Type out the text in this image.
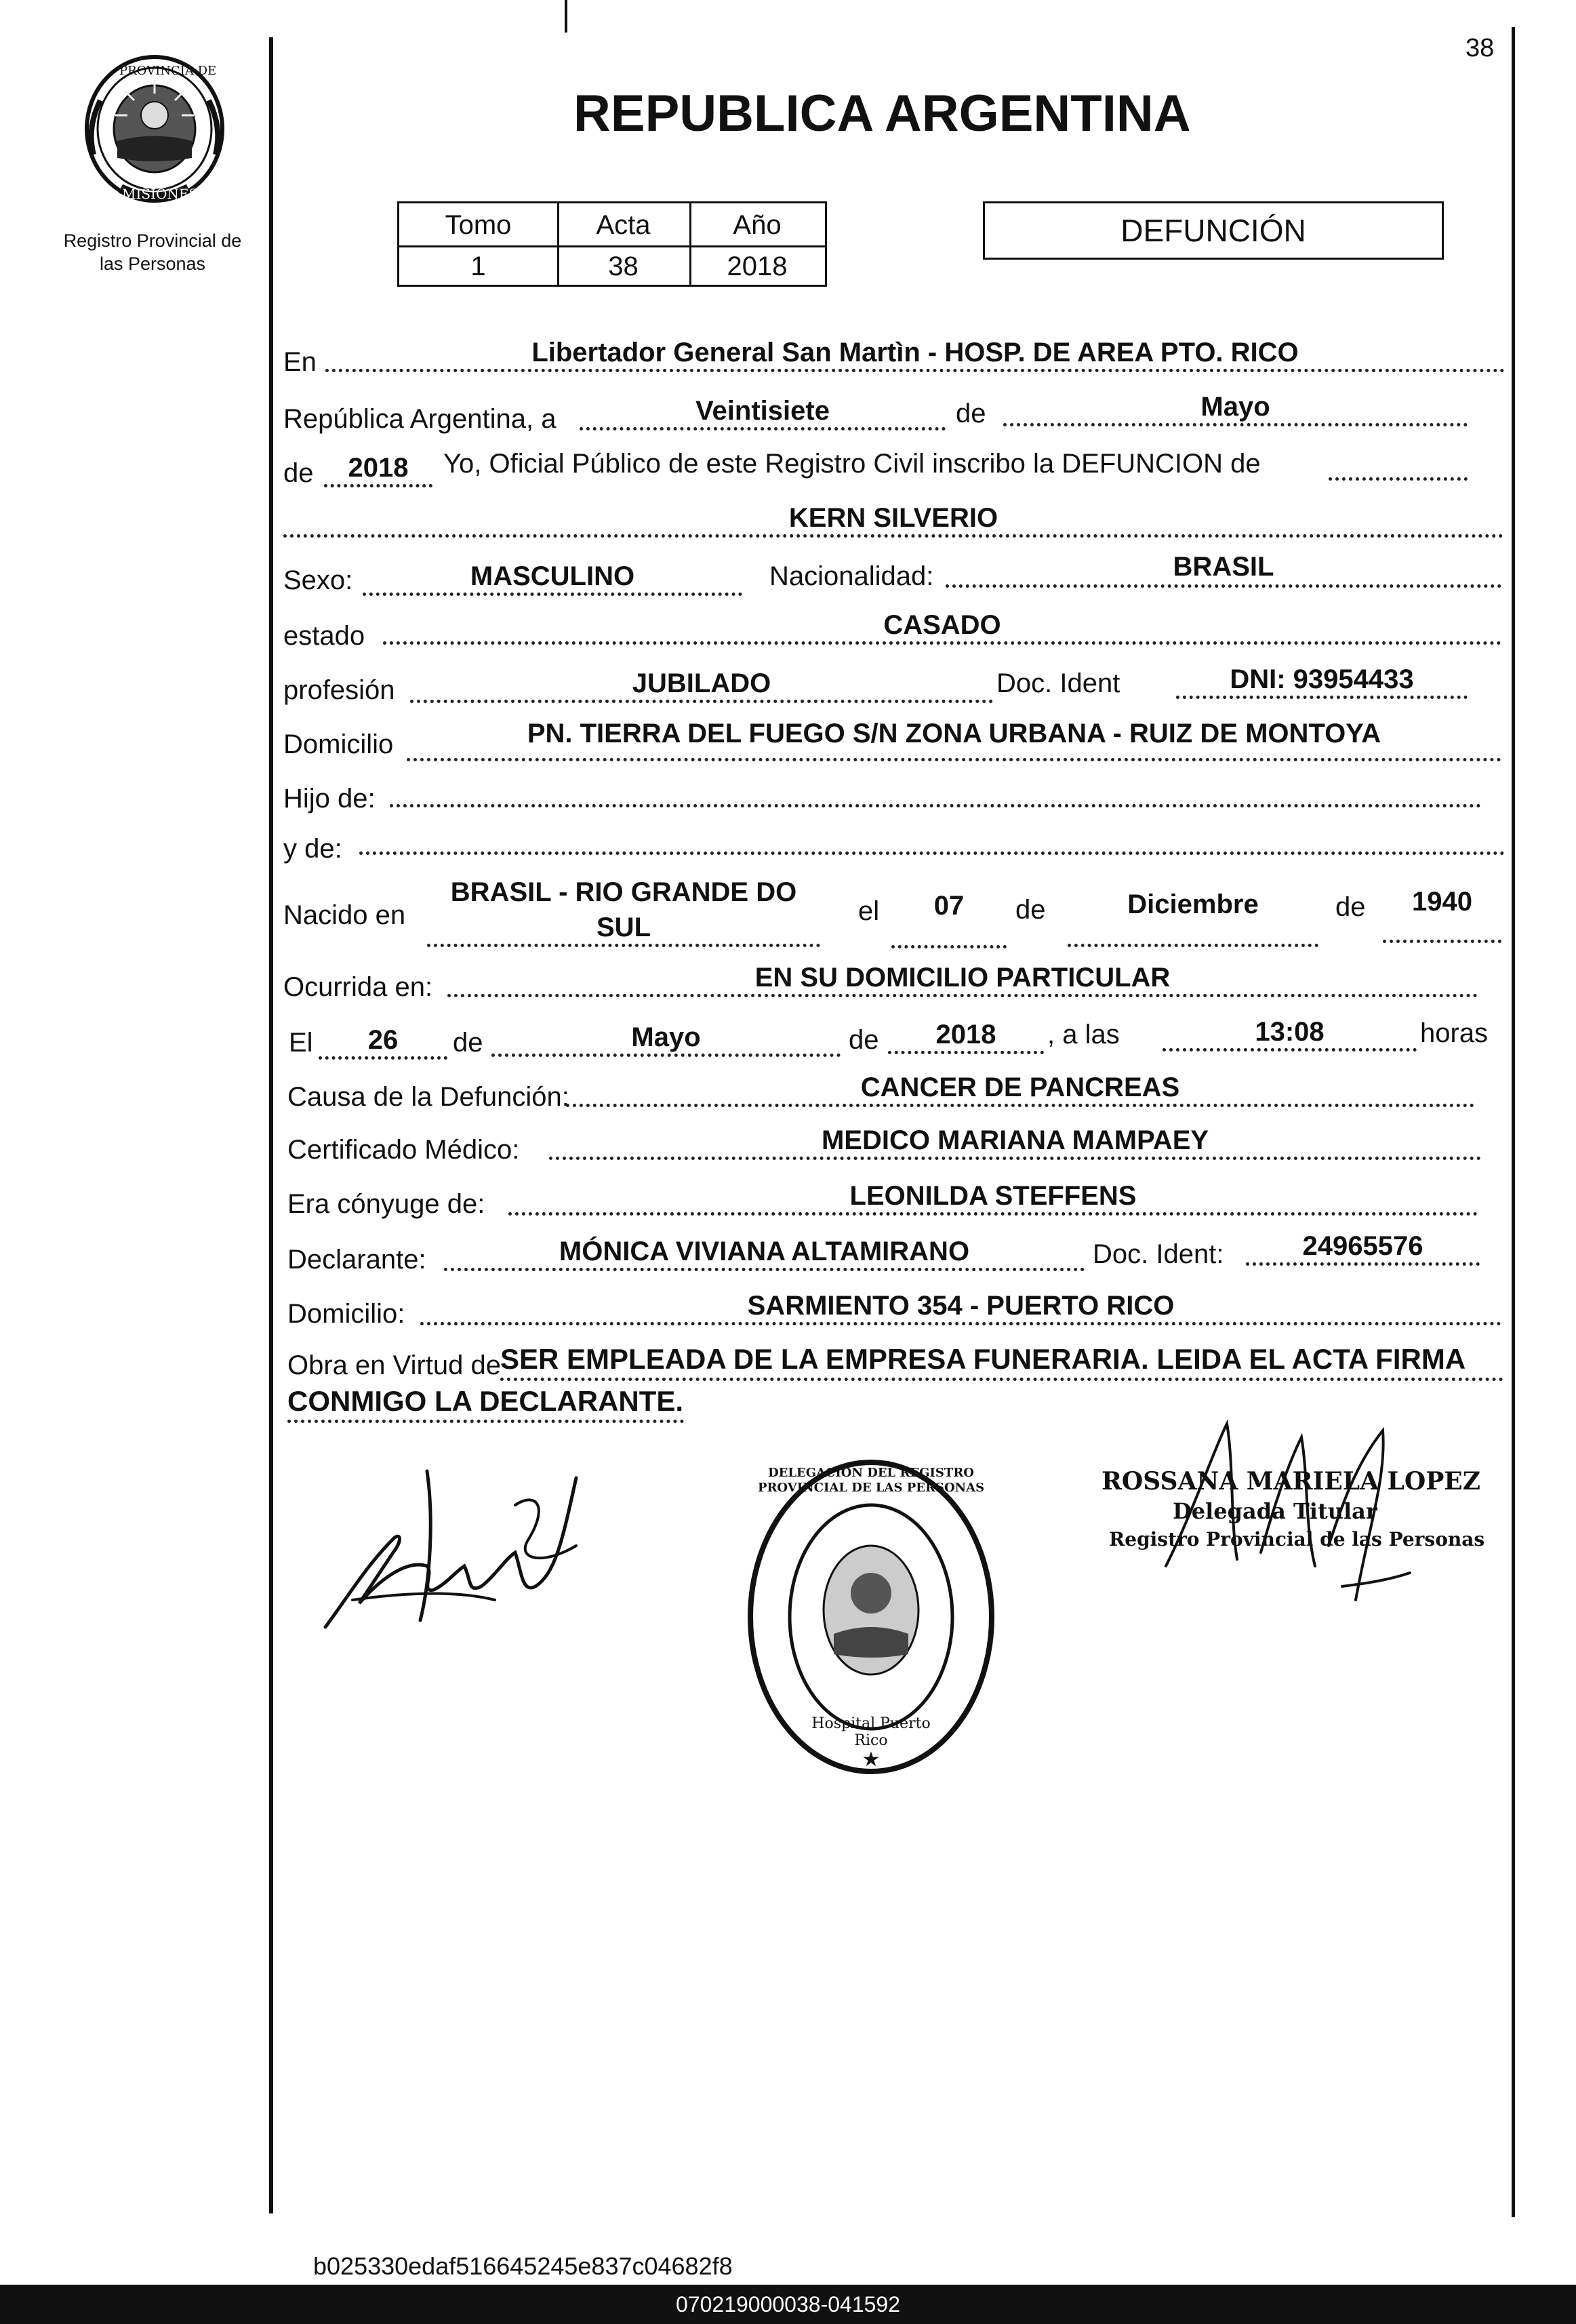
38
PROVINCIA DE
MISIONES
Registro Provincial de
las Personas
REPUBLICA ARGENTINA
Tomo	Acta	Año
1	38	2018
DEFUNCIÓN
En	Libertador General San Martìn - HOSP. DE AREA PTO. RICO
República Argentina, a	Veintisiete	de	Mayo
de	2018	Yo, Oficial Público de este Registro Civil inscribo la DEFUNCION de
KERN SILVERIO
Sexo:	MASCULINO	Nacionalidad:	BRASIL
estado	CASADO
profesión	JUBILADO	Doc. Ident	DNI: 93954433
Domicilio	PN. TIERRA DEL FUEGO S/N ZONA URBANA - RUIZ DE MONTOYA
Hijo de:
y de:
Nacido en
BRASIL - RIO GRANDE DO
SUL
el	07	de	Diciembre	de	1940
Ocurrida en:	EN SU DOMICILIO PARTICULAR
El	26	de	Mayo	de	2018	, a las	13:08	horas
Causa de la Defunción:	CANCER DE PANCREAS
Certificado Médico:	MEDICO MARIANA MAMPAEY
Era cónyuge de:	LEONILDA STEFFENS
Declarante:	MÓNICA VIVIANA ALTAMIRANO	Doc. Ident:	24965576
Domicilio:	SARMIENTO 354 - PUERTO RICO
Obra en Virtud de
SER EMPLEADA DE LA EMPRESA FUNERARIA. LEIDA EL ACTA FIRMA
CONMIGO LA DECLARANTE.
★
DELEGACION DEL REGISTRO PROVINCIAL DE LAS PERSONAS
Hospital Puerto Rico
ROSSANA MARIELA LOPEZ
Delegada Titular
Registro Provincial de las Personas
b025330edaf516645245e837c04682f8
070219000038-041592
